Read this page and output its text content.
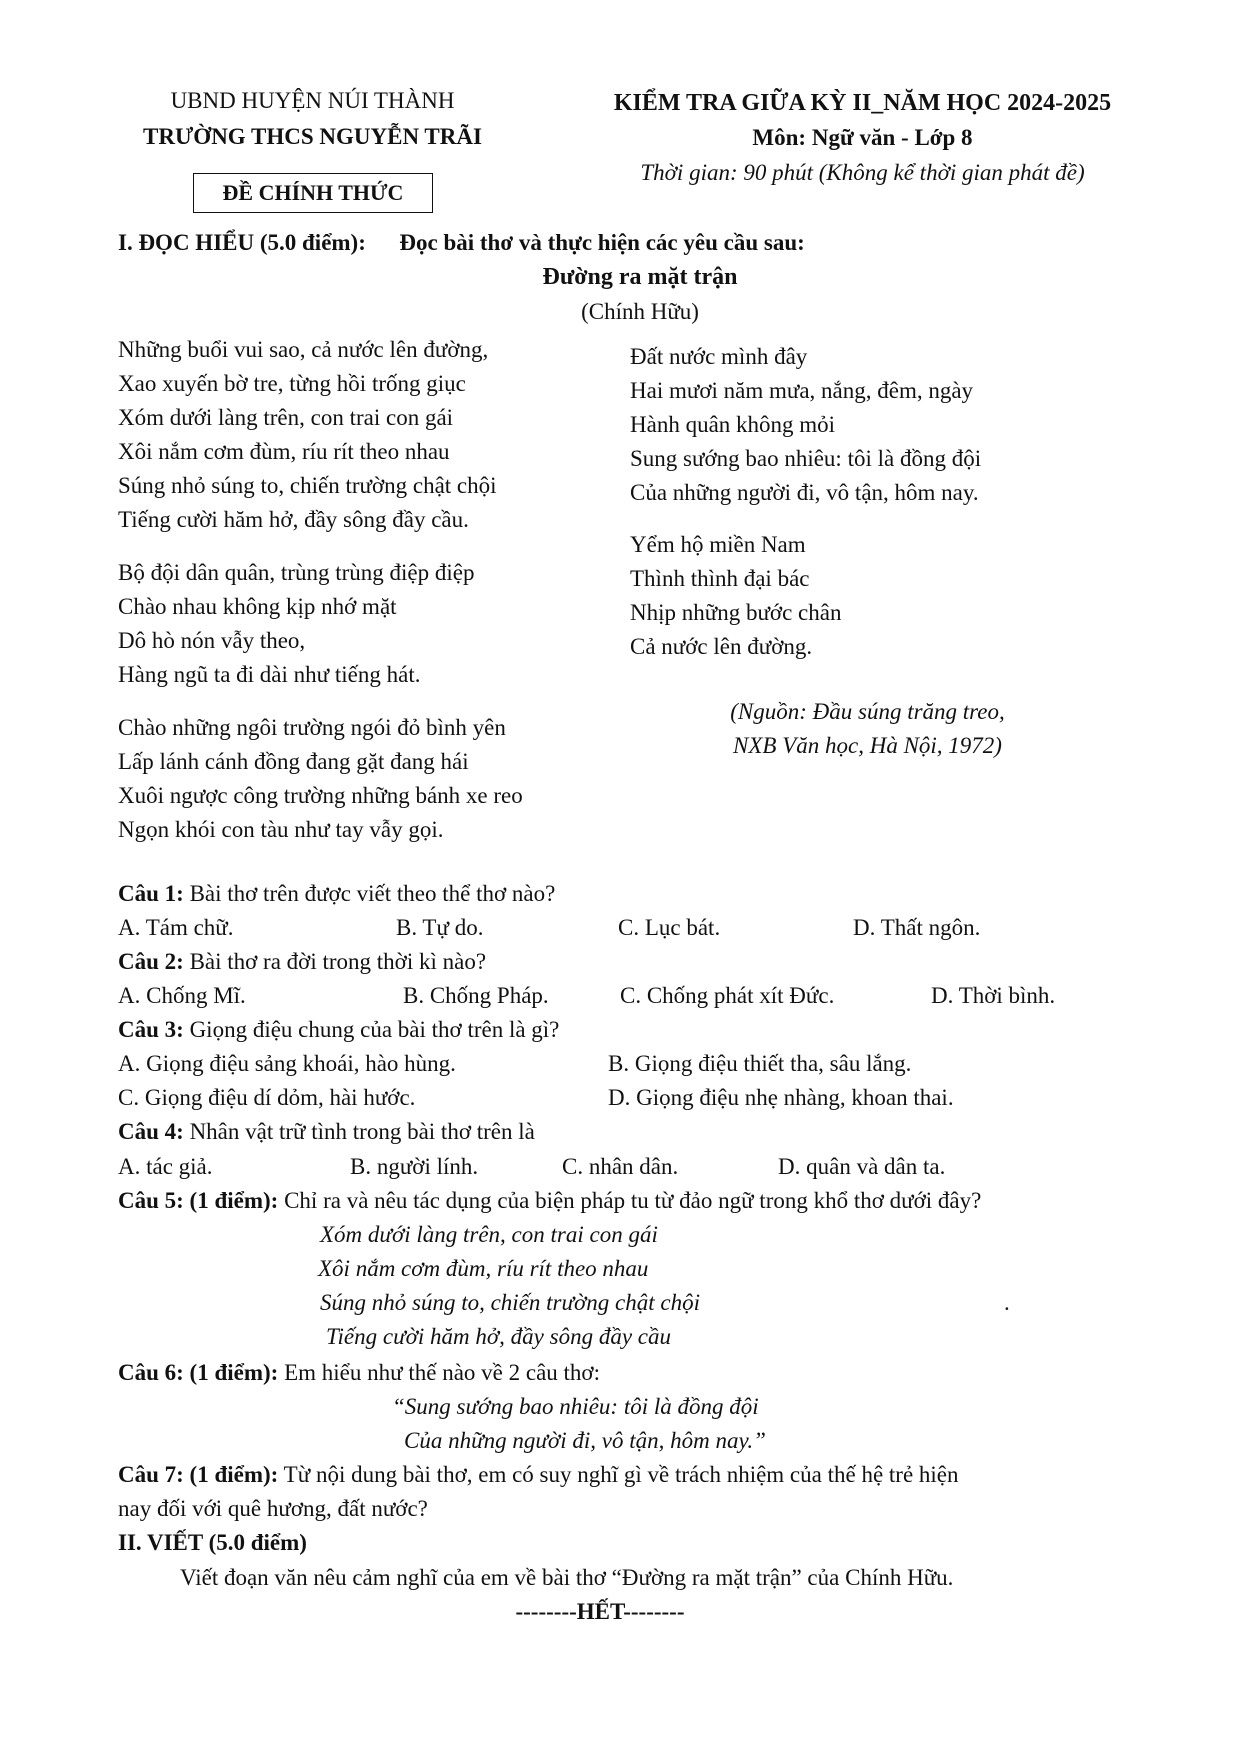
UBND HUYỆN NÚI THÀNH
TRƯỜNG THCS NGUYỄN TRÃI
ĐỀ CHÍNH THỨC
KIỂM TRA GIỮA KỲ II_NĂM HỌC 2024-2025
Môn: Ngữ văn - Lớp 8
Thời gian: 90 phút (Không kể thời gian phát đề)
I. ĐỌC HIỂU (5.0 điểm): Đọc bài thơ và thực hiện các yêu cầu sau:
Đường ra mặt trận
(Chính Hữu)
Những buổi vui sao, cả nước lên đường,
Xao xuyến bờ tre, từng hồi trống giục
Xóm dưới làng trên, con trai con gái
Xôi nắm cơm đùm, ríu rít theo nhau
Súng nhỏ súng to, chiến trường chật chội
Tiếng cười hăm hở, đầy sông đầy cầu.
Bộ đội dân quân, trùng trùng điệp điệp
Chào nhau không kịp nhớ mặt
Dô hò nón vẫy theo,
Hàng ngũ ta đi dài như tiếng hát.
Chào những ngôi trường ngói đỏ bình yên
Lấp lánh cánh đồng đang gặt đang hái
Xuôi ngược công trường những bánh xe reo
Ngọn khói con tàu như tay vẫy gọi.
Đất nước mình đây
Hai mươi năm mưa, nắng, đêm, ngày
Hành quân không mỏi
Sung sướng bao nhiêu: tôi là đồng đội
Của những người đi, vô tận, hôm nay.
Yểm hộ miền Nam
Thình thình đại bác
Nhịp những bước chân
Cả nước lên đường.
(Nguồn: Đầu súng trăng treo,
NXB Văn học, Hà Nội, 1972)
Câu 1: Bài thơ trên được viết theo thể thơ nào?
A. Tám chữ.	B. Tự do.	C. Lục bát.	D. Thất ngôn.
Câu 2: Bài thơ ra đời trong thời kì nào?
A. Chống Mĩ.	B. Chống Pháp.	C. Chống phát xít Đức.	D. Thời bình.
Câu 3: Giọng điệu chung của bài thơ trên là gì?
A. Giọng điệu sảng khoái, hào hùng.	B. Giọng điệu thiết tha, sâu lắng.
C. Giọng điệu dí dỏm, hài hước.	D. Giọng điệu nhẹ nhàng, khoan thai.
Câu 4: Nhân vật trữ tình trong bài thơ trên là
A. tác giả.	B. người lính.	C. nhân dân.	D. quân và dân ta.
Câu 5: (1 điểm): Chỉ ra và nêu tác dụng của biện pháp tu từ đảo ngữ trong khổ thơ dưới đây?
Xóm dưới làng trên, con trai con gái
Xôi nắm cơm đùm, ríu rít theo nhau
Súng nhỏ súng to, chiến trường chật chội
Tiếng cười hăm hở, đầy sông đầy cầu
.
Câu 6: (1 điểm): Em hiểu như thế nào về 2 câu thơ:
“Sung sướng bao nhiêu: tôi là đồng đội
Của những người đi, vô tận, hôm nay.”
Câu 7: (1 điểm): Từ nội dung bài thơ, em có suy nghĩ gì về trách nhiệm của thế hệ trẻ hiện
nay đối với quê hương, đất nước?
II. VIẾT (5.0 điểm)
Viết đoạn văn nêu cảm nghĩ của em về bài thơ “Đường ra mặt trận” của Chính Hữu.
--------HẾT--------
